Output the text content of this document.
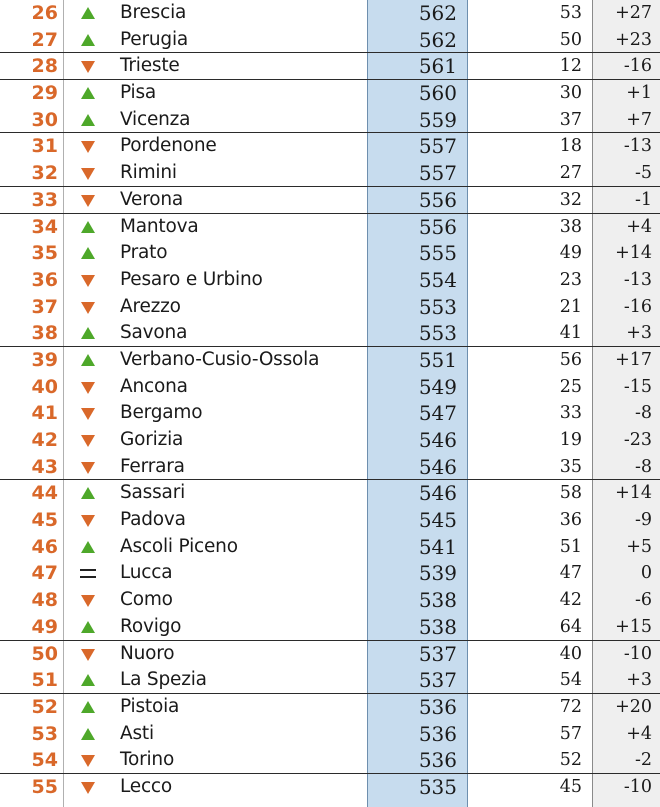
26	Brescia	562	53	+27
27	Perugia	562	50	+23
28	Trieste	561	12	-16
29	Pisa	560	30	+1
30	Vicenza	559	37	+7
31	Pordenone	557	18	-13
32	Rimini	557	27	-5
33	Verona	556	32	-1
34	Mantova	556	38	+4
35	Prato	555	49	+14
36	Pesaro e Urbino	554	23	-13
37	Arezzo	553	21	-16
38	Savona	553	41	+3
39	Verbano-Cusio-Ossola	551	56	+17
40	Ancona	549	25	-15
41	Bergamo	547	33	-8
42	Gorizia	546	19	-23
43	Ferrara	546	35	-8
44	Sassari	546	58	+14
45	Padova	545	36	-9
46	Ascoli Piceno	541	51	+5
47	Lucca	539	47	0
48	Como	538	42	-6
49	Rovigo	538	64	+15
50	Nuoro	537	40	-10
51	La Spezia	537	54	+3
52	Pistoia	536	72	+20
53	Asti	536	57	+4
54	Torino	536	52	-2
55	Lecco	535	45	-10
